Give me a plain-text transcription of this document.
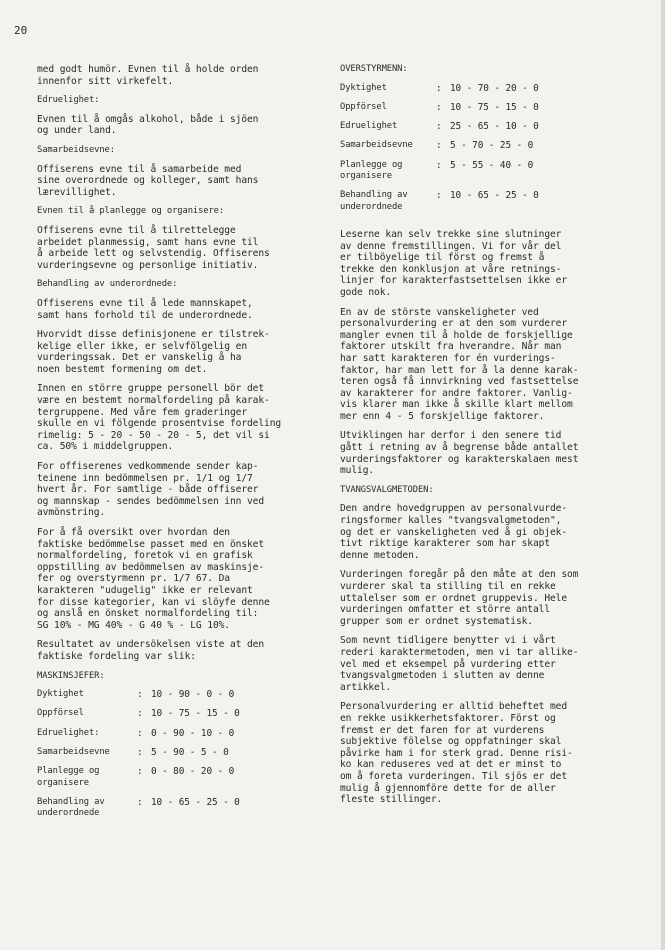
20
med godt humör. Evnen til å holde orden
innenfor sitt virkefelt.
Edruelighet:
Evnen til å omgås alkohol, både i sjöen
og under land.
Samarbeidsevne:
Offiserens evne til å samarbeide med
sine overordnede og kolleger, samt hans
lærevillighet.
Evnen til å planlegge og organisere:
Offiserens evne til å tilrettelegge
arbeidet planmessig, samt hans evne til
å arbeide lett og selvstendig. Offiserens
vurderingsevne og personlige initiativ.
Behandling av underordnede:
Offiserens evne til å lede mannskapet,
samt hans forhold til de underordnede.
Hvorvidt disse definisjonene er tilstrek-
kelige eller ikke, er selvfölgelig en
vurderingssak. Det er vanskelig å ha
noen bestemt formening om det.
Innen en större gruppe personell bör det
være en bestemt normalfordeling på karak-
tergruppene. Med våre fem graderinger
skulle en vi fölgende prosentvise fordeling
rimelig: 5 - 20 - 50 - 20 - 5, det vil si
ca. 50% i middelgruppen.
For offiserenes vedkommende sender kap-
teinene inn bedömmelsen pr. 1/1 og 1/7
hvert år. For samtlige - både offiserer
og mannskap - sendes bedömmelsen inn ved
avmönstring.
For å få oversikt over hvordan den
faktiske bedömmelse passet med en önsket
normalfordeling, foretok vi en grafisk
oppstilling av bedömmelsen av maskinsje-
fer og overstyrmenn pr. 1/7 67. Da
karakteren "udugelig" ikke er relevant
for disse kategorier, kan vi slöyfe denne
og anslå en önsket normalfordeling til:
SG 10% - MG 40% - G 40 % - LG 10%.
Resultatet av undersökelsen viste at den
faktiske fordeling var slik:
MASKINSJEFER:
Dyktighet	:	10 - 90 - 0 - 0
Oppförsel	:	10 - 75 - 15 - 0
Edruelighet:	:	0 - 90 - 10 - 0
Samarbeidsevne	:	5 - 90 - 5 - 0
Planlegge og
organisere	:	0 - 80 - 20 - 0
Behandling av
underordnede	:	10 - 65 - 25 - 0
OVERSTYRMENN:
Dyktighet	:	10 - 70 - 20 - 0
Oppförsel	:	10 - 75 - 15 - 0
Edruelighet	:	25 - 65 - 10 - 0
Samarbeidsevne	:	5 - 70 - 25 - 0
Planlegge og
organisere	:	5 - 55 - 40 - 0
Behandling av
underordnede	:	10 - 65 - 25 - 0
Leserne kan selv trekke sine slutninger
av denne fremstillingen. Vi for vår del
er tilböyelige til först og fremst å
trekke den konklusjon at våre retnings-
linjer for karakterfastsettelsen ikke er
gode nok.
En av de störste vanskeligheter ved
personalvurdering er at den som vurderer
mangler evnen til å holde de forskjellige
faktorer utskilt fra hverandre. Når man
har satt karakteren for én vurderings-
faktor, har man lett for å la denne karak-
teren også få innvirkning ved fastsettelse
av karakterer for andre faktorer. Vanlig-
vis klarer man ikke å skille klart mellom
mer enn 4 - 5 forskjellige faktorer.
Utviklingen har derfor i den senere tid
gått i retning av å begrense både antallet
vurderingsfaktorer og karakterskalaen mest
mulig.
TVANGSVALGMETODEN:
Den andre hovedgruppen av personalvurde-
ringsformer kalles "tvangsvalgmetoden",
og det er vanskeligheten ved å gi objek-
tivt riktige karakterer som har skapt
denne metoden.
Vurderingen foregår på den måte at den som
vurderer skal ta stilling til en rekke
uttalelser som er ordnet gruppevis. Hele
vurderingen omfatter et större antall
grupper som er ordnet systematisk.
Som nevnt tidligere benytter vi i vårt
rederi karaktermetoden, men vi tar allike-
vel med et eksempel på vurdering etter
tvangsvalgmetoden i slutten av denne
artikkel.
Personalvurdering er alltid beheftet med
en rekke usikkerhetsfaktorer. Först og
fremst er det faren for at vurderens
subjektive fölelse og oppfatninger skal
påvirke ham i for sterk grad. Denne risi-
ko kan reduseres ved at det er minst to
om å foreta vurderingen. Til sjös er det
mulig å gjennomföre dette for de aller
fleste stillinger.
